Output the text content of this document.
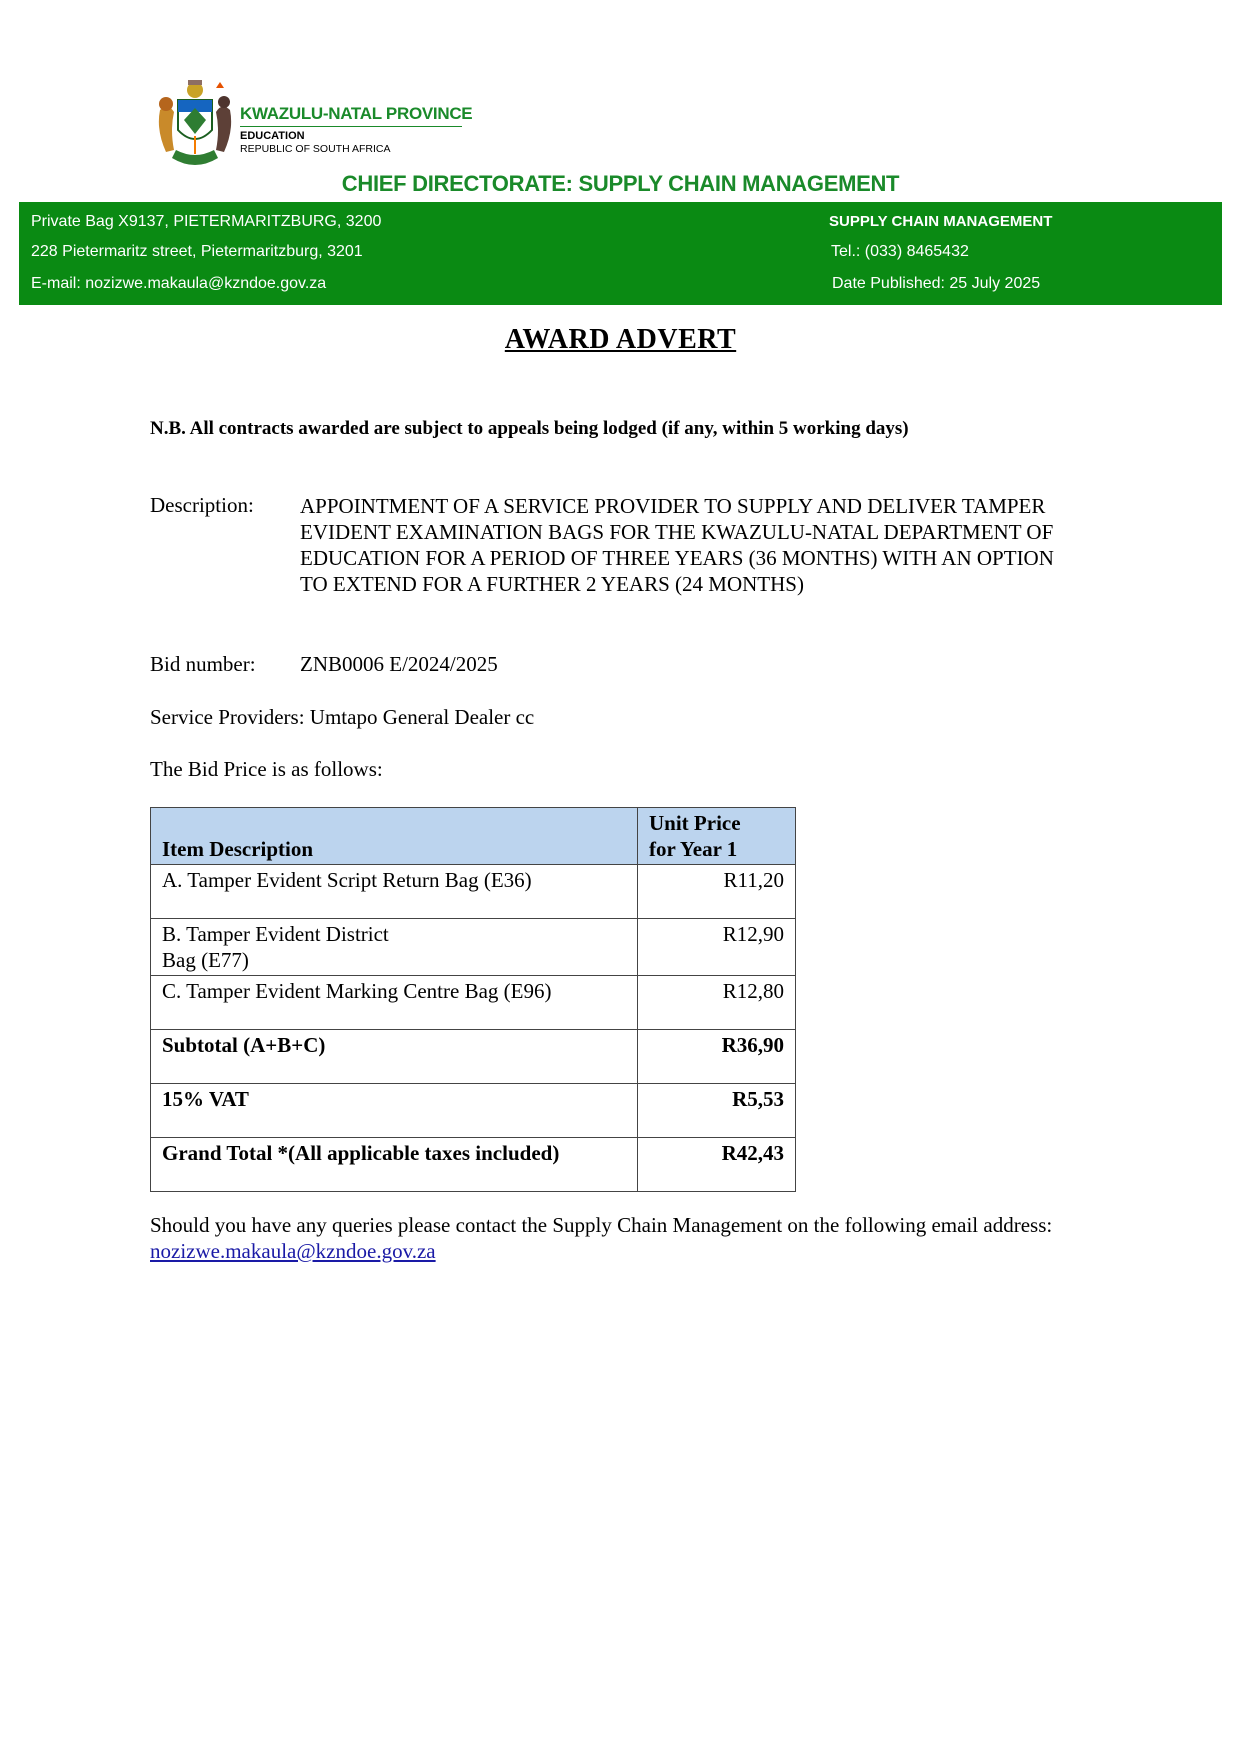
KWAZULU-NATAL PROVINCE
EDUCATION
REPUBLIC OF SOUTH AFRICA
CHIEF DIRECTORATE: SUPPLY CHAIN MANAGEMENT
Private Bag X9137, PIETERMARITZBURG, 3200
228 Pietermaritz street, Pietermaritzburg, 3201
E-mail: nozizwe.makaula@kzndoe.gov.za
SUPPLY CHAIN MANAGEMENT
Tel.: (033) 8465432
Date Published: 25 July 2025
AWARD ADVERT
N.B. All contracts awarded are subject to appeals being lodged (if any, within 5 working days)
Description: APPOINTMENT OF A SERVICE PROVIDER TO SUPPLY AND DELIVER TAMPER EVIDENT EXAMINATION BAGS FOR THE KWAZULU-NATAL DEPARTMENT OF EDUCATION FOR A PERIOD OF THREE YEARS (36 MONTHS) WITH AN OPTION TO EXTEND FOR A FURTHER 2 YEARS (24 MONTHS)
Bid number: ZNB0006 E/2024/2025
Service Providers: Umtapo General Dealer cc
The Bid Price is as follows:
Item Description	Unit Price
for Year 1

A. Tamper Evident Script Return Bag (E36)	R11,20

B. Tamper Evident District
Bag (E77)	R12,90
C. Tamper Evident Marking Centre Bag (E96)	R12,80
Subtotal (A+B+C)	R36,90
15% VAT	R5,53
Grand Total *(All applicable taxes included)	R42,43
Should you have any queries please contact the Supply Chain Management on the following email address: nozizwe.makaula@kzndoe.gov.za
